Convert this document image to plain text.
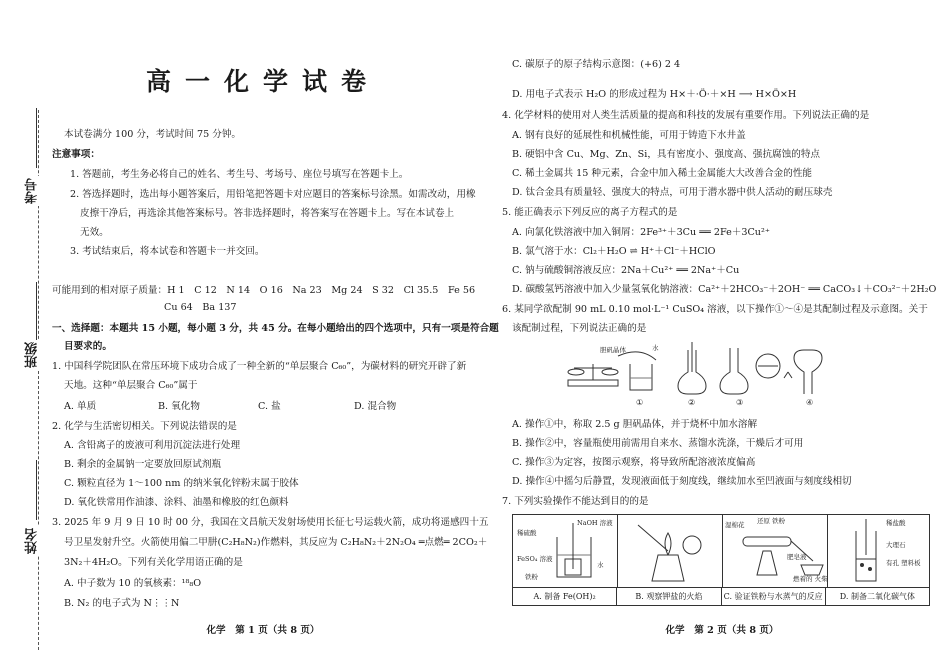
考号
班级
姓名
高一化学试卷
本试卷满分 100 分，考试时间 75 分钟。
注意事项：
1. 答题前，考生务必将自己的姓名、考生号、考场号、座位号填写在答题卡上。
2. 答选择题时，选出每小题答案后，用铅笔把答题卡对应题目的答案标号涂黑。如需改动，用橡
皮擦干净后，再选涂其他答案标号。答非选择题时，将答案写在答题卡上。写在本试卷上
无效。
3. 考试结束后，将本试卷和答题卡一并交回。
可能用到的相对原子质量：H 1　C 12　N 14　O 16　Na 23　Mg 24　S 32　Cl 35.5　Fe 56
Cu 64　Ba 137
一、选择题：本题共 15 小题，每小题 3 分，共 45 分。在每小题给出的四个选项中，只有一项是符合题
目要求的。
1. 中国科学院团队在常压环境下成功合成了一种全新的“单层聚合 C₆₀”，为碳材料的研究开辟了新
天地。这种“单层聚合 C₆₀”属于
A. 单质	B. 氧化物	C. 盐	D. 混合物
2. 化学与生活密切相关。下列说法错误的是
A. 含铅离子的废液可利用沉淀法进行处理
B. 剩余的金属钠一定要放回原试剂瓶
C. 颗粒直径为 1～100 nm 的纳米氧化锌粉末属于胶体
D. 氧化铁常用作油漆、涂料、油墨和橡胶的红色颜料
3. 2025 年 9 月 9 日 10 时 00 分，我国在文昌航天发射场使用长征七号运载火箭，成功将遥感四十五
号卫星发射升空。火箭使用偏二甲肼(C₂H₈N₂)作燃料，其反应为 C₂H₈N₂＋2N₂O₄ ═点燃═ 2CO₂＋
3N₂＋4H₂O。下列有关化学用语正确的是
A. 中子数为 10 的氧核素：¹⁸₈O
B. N₂ 的电子式为 N⋮⋮N
化学　第 1 页（共 8 页）
C. 碳原子的原子结构示意图：(+6) 2 4
D. 用电子式表示 H₂O 的形成过程为 H×＋·Ö·＋×H ⟶ H×Ö×H
4. 化学材料的使用对人类生活质量的提高和科技的发展有重要作用。下列说法正确的是
A. 钢有良好的延展性和机械性能，可用于铸造下水井盖
B. 硬铝中含 Cu、Mg、Zn、Si，具有密度小、强度高、强抗腐蚀的特点
C. 稀土金属共 15 种元素，合金中加入稀土金属能大大改善合金的性能
D. 钛合金具有质量轻、强度大的特点，可用于潜水器中供人活动的耐压球壳
5. 能正确表示下列反应的离子方程式的是
A. 向氯化铁溶液中加入铜屑：2Fe³⁺＋3Cu ══ 2Fe＋3Cu²⁺
B. 氯气溶于水：Cl₂＋H₂O ⇌ H⁺＋Cl⁻＋HClO
C. 钠与硫酸铜溶液反应：2Na＋Cu²⁺ ══ 2Na⁺＋Cu
D. 碳酸氢钙溶液中加入少量氢氧化钠溶液：Ca²⁺＋2HCO₃⁻＋2OH⁻ ══ CaCO₃↓＋CO₃²⁻＋2H₂O
6. 某同学欲配制 90 mL 0.10 mol·L⁻¹ CuSO₄ 溶液，以下操作①～④是其配制过程及示意图。关于
该配制过程，下列说法正确的是
胆矾晶体	水
①	②	③	④
A. 操作①中，称取 2.5 g 胆矾晶体，并于烧杯中加水溶解
B. 操作②中，容量瓶使用前需用自来水、蒸馏水洗涤，干燥后才可用
C. 操作③为定容，按图示观察，将导致所配溶液浓度偏高
D. 操作④中摇匀后静置，发现液面低于刻度线，继续加水至凹液面与刻度线相切
7. 下列实验操作不能达到目的的是
稀硫酸
NaOH 溶液
FeSO₄ 溶液
铁粉
水
湿棉花 还原 铁粉
肥皂液
燃着的 火柴
稀盐酸
大理石
有孔 塑料板
A. 制备 Fe(OH)₂	B. 观察钾盐的火焰	C. 验证铁粉与水蒸气的反应	D. 制备二氧化碳气体
化学　第 2 页（共 8 页）
